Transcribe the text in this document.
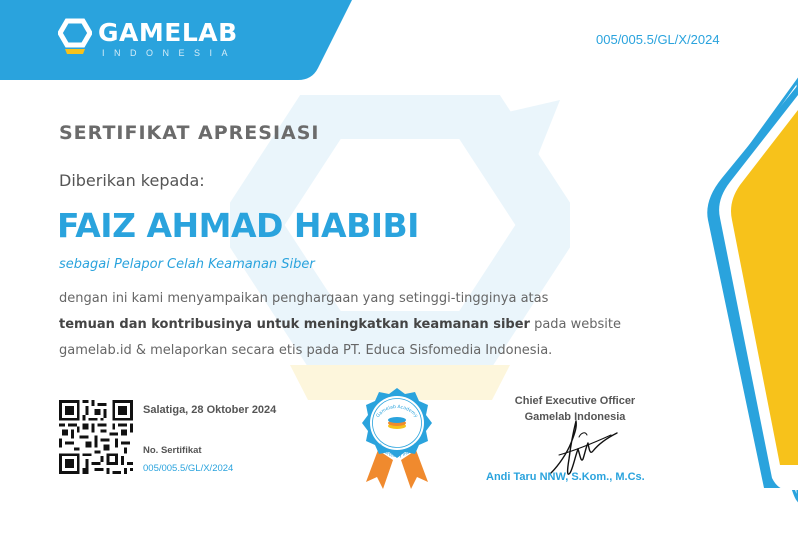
GAMELAB
INDONESIA
005/005.5/GL/X/2024
SERTIFIKAT APRESIASI
Diberikan kepada:
FAIZ AHMAD HABIBI
sebagai Pelapor Celah Keamanan Siber
dengan ini kami menyampaikan penghargaan yang setinggi-tingginya atas
temuan dan kontribusinya untuk meningkatkan keamanan siber pada website
gamelab.id & melaporkan secara etis pada PT. Educa Sisfomedia Indonesia.
Salatiga, 28 Oktober 2024
No. Sertifikat
005/005.5/GL/X/2024
Gamelab Academy
Supported by Industry
Chief Executive Officer
Gamelab Indonesia
Andi Taru NNW, S.Kom., M.Cs.
